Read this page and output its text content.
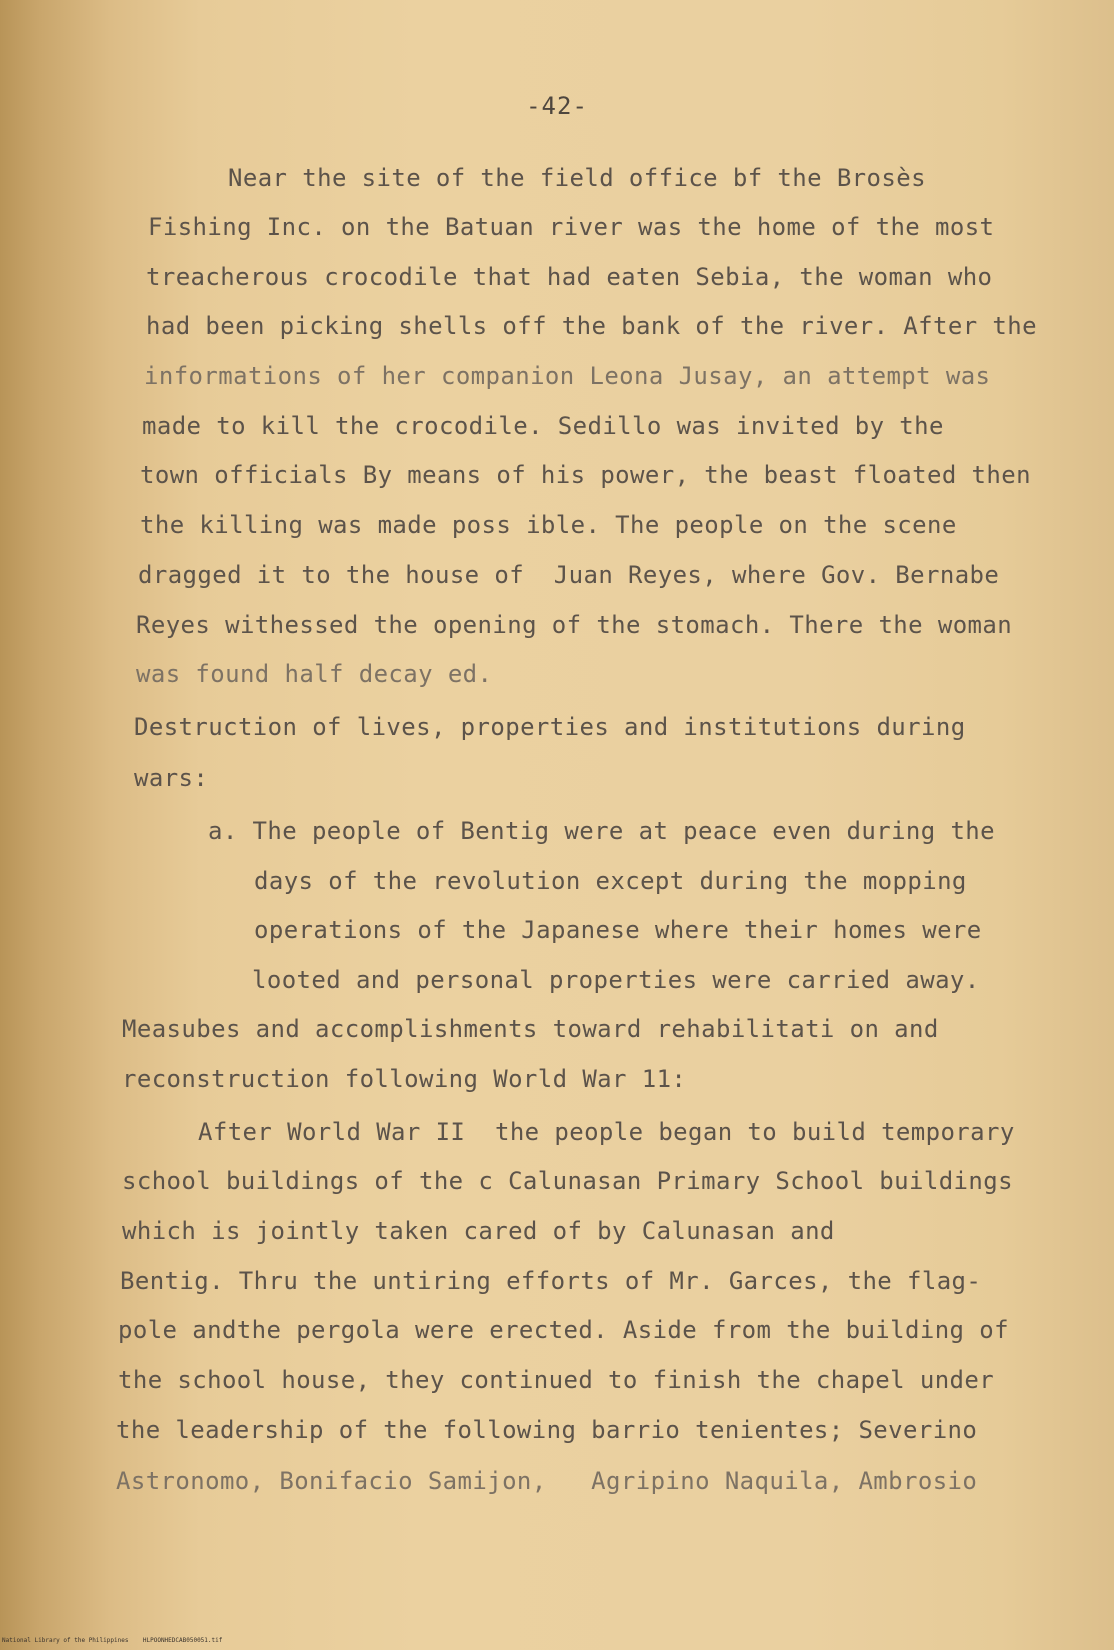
-42-
Near the site of the field office bf the Brosès
Fishing Inc. on the Batuan river was the home of the most
treacherous crocodile that had eaten Sebia, the woman who
had been picking shells off the bank of the river. After the
informations of her companion Leona Jusay, an attempt was
made to kill the crocodile. Sedillo was invited by the
town officials By means of his power, the beast floated then
the killing was made poss ible. The people on the scene
dragged it to the house of  Juan Reyes, where Gov. Bernabe
Reyes withessed the opening of the stomach. There the woman
was found half decay ed.
Destruction of lives, properties and institutions during
wars:
a. The people of Bentig were at peace even during the
days of the revolution except during the mopping
operations of the Japanese where their homes were
looted and personal properties were carried away.
Measubes and accomplishments toward rehabilitati on and
reconstruction following World War 11:
After World War II  the people began to build temporary
school buildings of the c Calunasan Primary School buildings
which is jointly taken cared of by Calunasan and
Bentig. Thru the untiring efforts of Mr. Garces, the flag-
pole andthe pergola were erected. Aside from the building of
the school house, they continued to finish the chapel under
the leadership of the following barrio tenientes; Severino
Astronomo, Bonifacio Samijon,   Agripino Naquila, Ambrosio
National Library of the Philippines    HLPOONHEDCAB050051.tif
